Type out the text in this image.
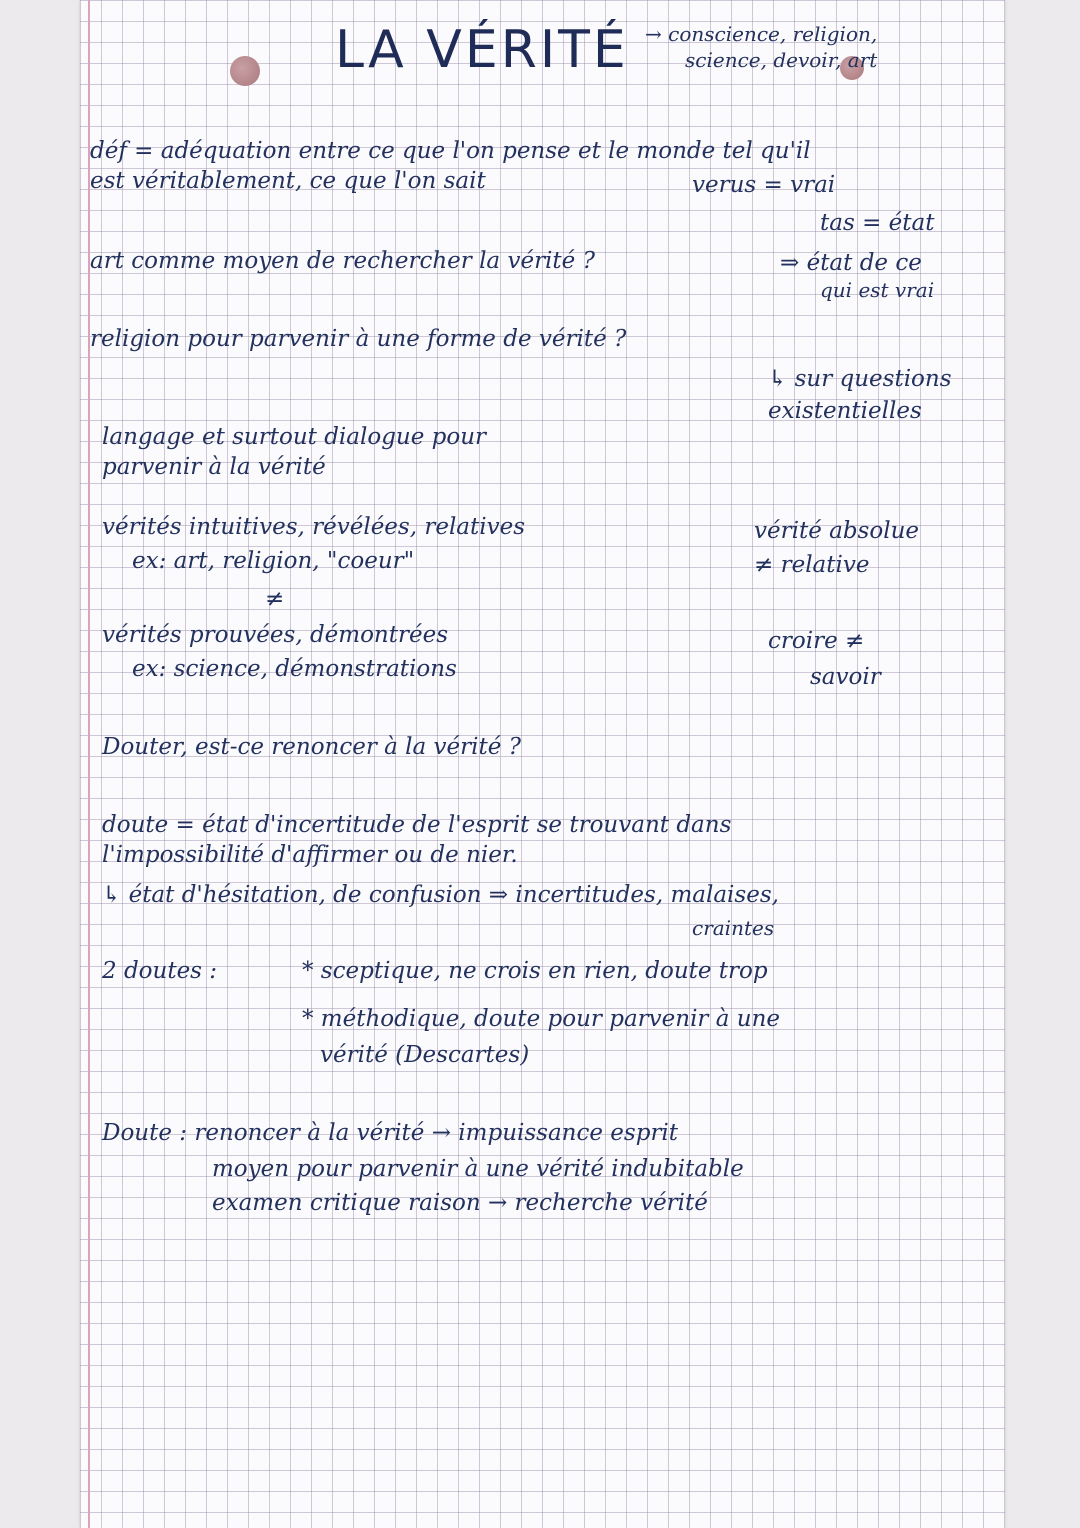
LA VÉRITÉ → conscience, religion,

science, devoir, art

déf = adéquation entre ce que l'on pense et le monde tel qu'il

est véritablement, ce que l'on sait	verus = vrai

tas = état

art comme moyen de rechercher la vérité ?	⇒ état de ce

qui est vrai

religion pour parvenir à une forme de vérité ?

↳ sur questions

existentielles

langage et surtout dialogue pour

parvenir à la vérité

vérités intuitives, révélées, relatives

ex: art, religion, "coeur"

≠

vérités prouvées, démontrées

ex: science, démonstrations

vérité absolue

≠ relative

croire ≠

savoir

Douter, est-ce renoncer à la vérité ?

doute = état d'incertitude de l'esprit se trouvant dans

l'impossibilité d'affirmer ou de nier.

↳ état d'hésitation, de confusion ⇒ incertitudes, malaises,

craintes

2 doutes :	* sceptique, ne crois en rien, doute trop

* méthodique, doute pour parvenir à une

vérité (Descartes)

Doute : renoncer à la vérité → impuissance esprit

moyen pour parvenir à une vérité indubitable

examen critique raison → recherche vérité
